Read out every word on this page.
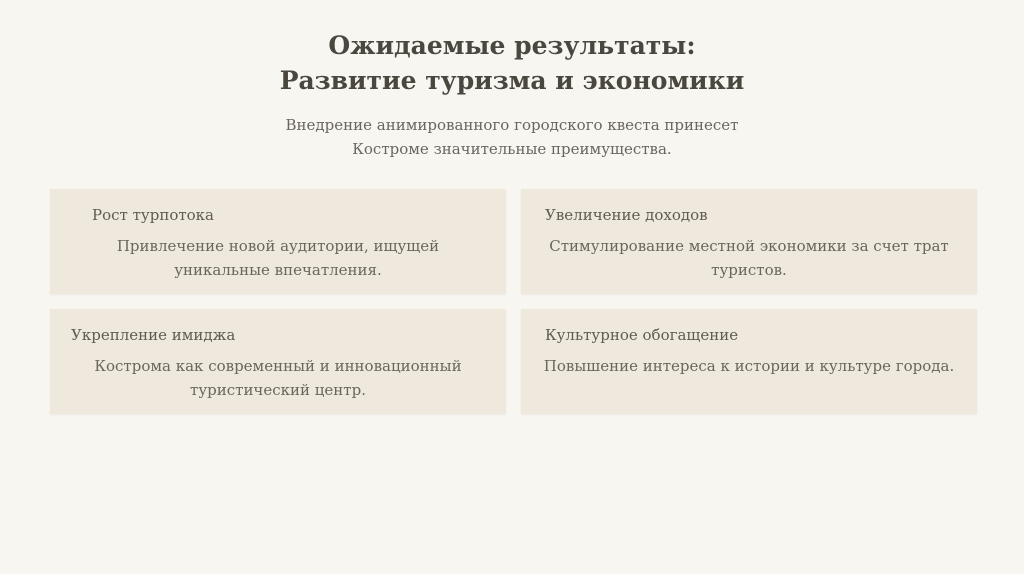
Ожидаемые результаты:
Развитие туризма и экономики
Внедрение анимированного городского квеста принесет
Костроме значительные преимущества.
Рост турпотока
Привлечение новой аудитории, ищущей
уникальные впечатления.
Увеличение доходов
Стимулирование местной экономики за счет трат
туристов.
Укрепление имиджа
Кострома как современный и инновационный
туристический центр.
Культурное обогащение
Повышение интереса к истории и культуре города.
